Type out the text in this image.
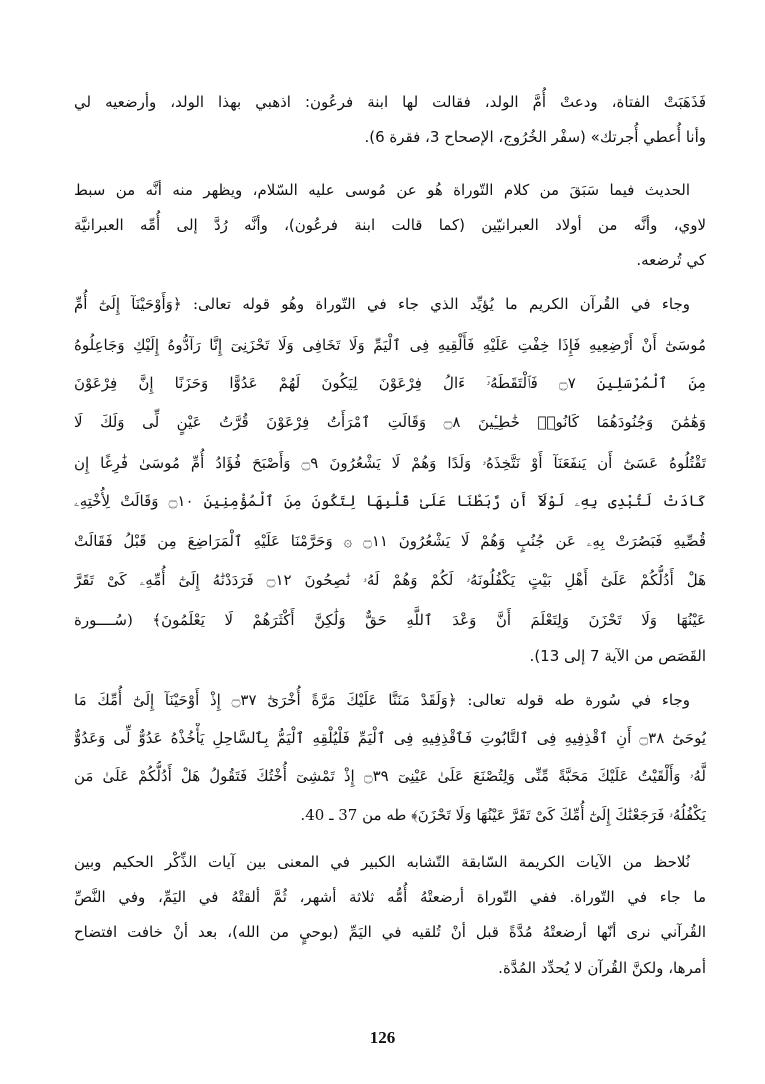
فَذَهَبَتْ الفتاة، ودعتْ أُمَّ الولد، فقالت لها ابنة فرعُون: اذهبي بهذا الولد، وأرضعيه لي
وأنا أُعطي أُجرتك» (سفْر الخُرُوج، الإصحاح 3، فقرة 6).
الحديث فيما سَبَقَ من كلام التّوراة هُو عن مُوسى عليه السّلام، ويظهر منه أنَّه من سبط
لاوي، وأنَّه من أولاد العبرانيّين (كما قالت ابنة فرعُون)، وأنَّه رُدَّ إلى أُمِّه العبرانيَّة
كي تُرضعه.
وجاء في القُرآن الكريم ما يُؤيِّد الذي جاء في التّوراة وهُو قوله تعالى: ﴿وَأَوْحَيْنَآ إِلَىٰٓ أُمِّ
مُوسَىٰٓ أَنْ أَرْضِعِيهِ فَإِذَا خِفْتِ عَلَيْهِ فَأَلْقِيهِ فِى ٱلْيَمِّ وَلَا تَخَافِى وَلَا تَحْزَنِىٓ إِنَّا رَآدُّوهُ إِلَيْكِ وَجَاعِلُوهُ
مِنَ ٱلْمُرْسَلِينَ ۝٧ فَٱلْتَقَطَهُۥٓ ءَالُ فِرْعَوْنَ لِيَكُونَ لَهُمْ عَدُوًّا وَحَزَنًا إِنَّ فِرْعَوْنَ
وَهَٰمَٰنَ وَجُنُودَهُمَا كَانُوا۟ خَٰطِـِٔينَ ۝٨ وَقَالَتِ ٱمْرَأَتُ فِرْعَوْنَ قُرَّتُ عَيْنٍ لِّى وَلَكَ لَا
تَقْتُلُوهُ عَسَىٰٓ أَن يَنفَعَنَآ أَوْ نَتَّخِذَهُۥ وَلَدًا وَهُمْ لَا يَشْعُرُونَ ۝٩ وَأَصْبَحَ فُؤَادُ أُمِّ مُوسَىٰ فَٰرِغًا إِن
كَادَتْ لَتُبْدِى بِهِۦ لَوْلَآ أَن رَّبَطْنَا عَلَىٰ قَلْبِهَا لِتَكُونَ مِنَ ٱلْمُؤْمِنِينَ ۝١٠ وَقَالَتْ لِأُخْتِهِۦ
قُصِّيهِ فَبَصُرَتْ بِهِۦ عَن جُنُبٍ وَهُمْ لَا يَشْعُرُونَ ۝١١ ۞ وَحَرَّمْنَا عَلَيْهِ ٱلْمَرَاضِعَ مِن قَبْلُ فَقَالَتْ
هَلْ أَدُلُّكُمْ عَلَىٰٓ أَهْلِ بَيْتٍ يَكْفُلُونَهُۥ لَكُمْ وَهُمْ لَهُۥ نَٰصِحُونَ ۝١٢ فَرَدَدْنَٰهُ إِلَىٰٓ أُمِّهِۦ كَىْ تَقَرَّ
عَيْنُهَا وَلَا تَحْزَنَ وَلِتَعْلَمَ أَنَّ وَعْدَ ٱللَّهِ حَقٌّ وَلَٰكِنَّ أَكْثَرَهُمْ لَا يَعْلَمُونَ﴾ (سُــــورة
القَصَص من الآية 7 إلى 13).
وجاء في سُورة طه قوله تعالى: ﴿وَلَقَدْ مَنَنَّا عَلَيْكَ مَرَّةً أُخْرَىٰٓ ۝٣٧ إِذْ أَوْحَيْنَآ إِلَىٰٓ أُمِّكَ مَا
يُوحَىٰٓ ۝٣٨ أَنِ ٱقْذِفِيهِ فِى ٱلتَّابُوتِ فَٱقْذِفِيهِ فِى ٱلْيَمِّ فَلْيُلْقِهِ ٱلْيَمُّ بِٱلسَّاحِلِ يَأْخُذْهُ عَدُوٌّ لِّى وَعَدُوٌّ
لَّهُۥ وَأَلْقَيْتُ عَلَيْكَ مَحَبَّةً مِّنِّى وَلِتُصْنَعَ عَلَىٰ عَيْنِىٓ ۝٣٩ إِذْ تَمْشِىٓ أُخْتُكَ فَتَقُولُ هَلْ أَدُلُّكُمْ عَلَىٰ مَن
يَكْفُلُهُۥ فَرَجَعْنَٰكَ إِلَىٰٓ أُمِّكَ كَىْ تَقَرَّ عَيْنُهَا وَلَا تَحْزَنَ﴾ طه من 37 ـ 40.
نُلاحظ من الآيات الكريمة السّابقة التّشابه الكبير في المعنى بين آيات الذِّكْر الحكيم وبين
ما جاء في التّوراة. ففي التّوراة أرضعتْهُ أُمُّه ثلاثة أشهر، ثُمَّ ألقتْهُ في اليَمِّ، وفي النَّصِّ
القُرآني نرى أنّها أرضعتْهُ مُدَّةً قبل أنْ تُلقيه في اليَمِّ (بوحيٍ من الله)، بعد أنْ خافت افتضاح
أمرها، ولكنَّ القُرآن لا يُحدِّد المُدَّة.
126
